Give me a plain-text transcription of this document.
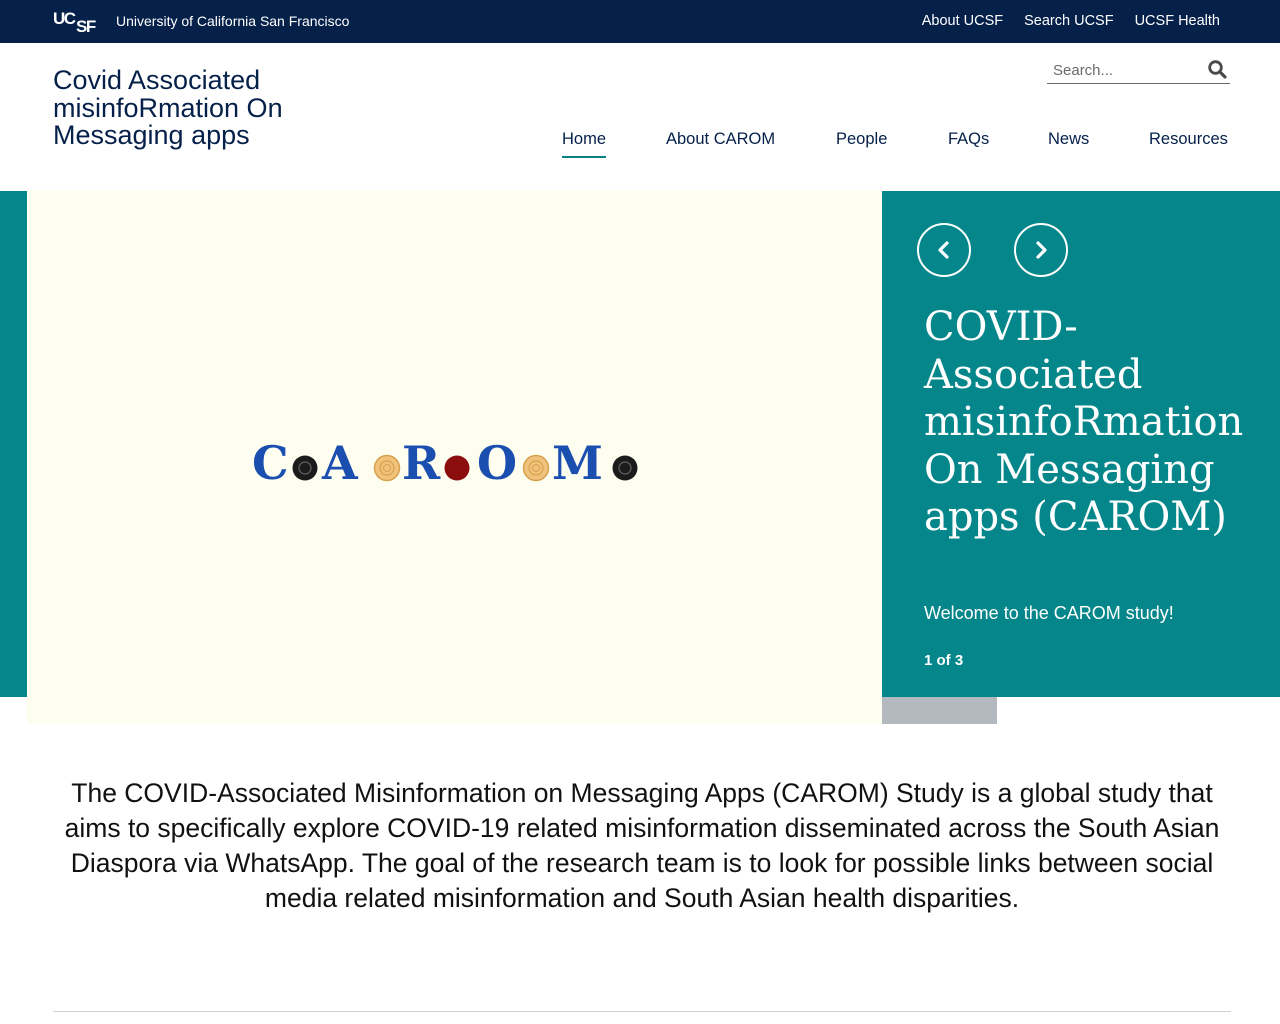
UC SF University of California San Francisco	About UCSF Search UCSF UCSF Health
Covid Associated misinfoRmation On Messaging apps
Search...	Home	About CAROM	People	FAQs	News	Resources
C A R O M
COVID-Associated misinfoRmation On Messaging apps (CAROM)

Welcome to the CAROM study!

1 of 3

The COVID-Associated Misinformation on Messaging Apps (CAROM) Study is a global study that aims to specifically explore COVID-19 related misinformation disseminated across the South Asian Diaspora via WhatsApp. The goal of the research team is to look for possible links between social media related misinformation and South Asian health disparities.
